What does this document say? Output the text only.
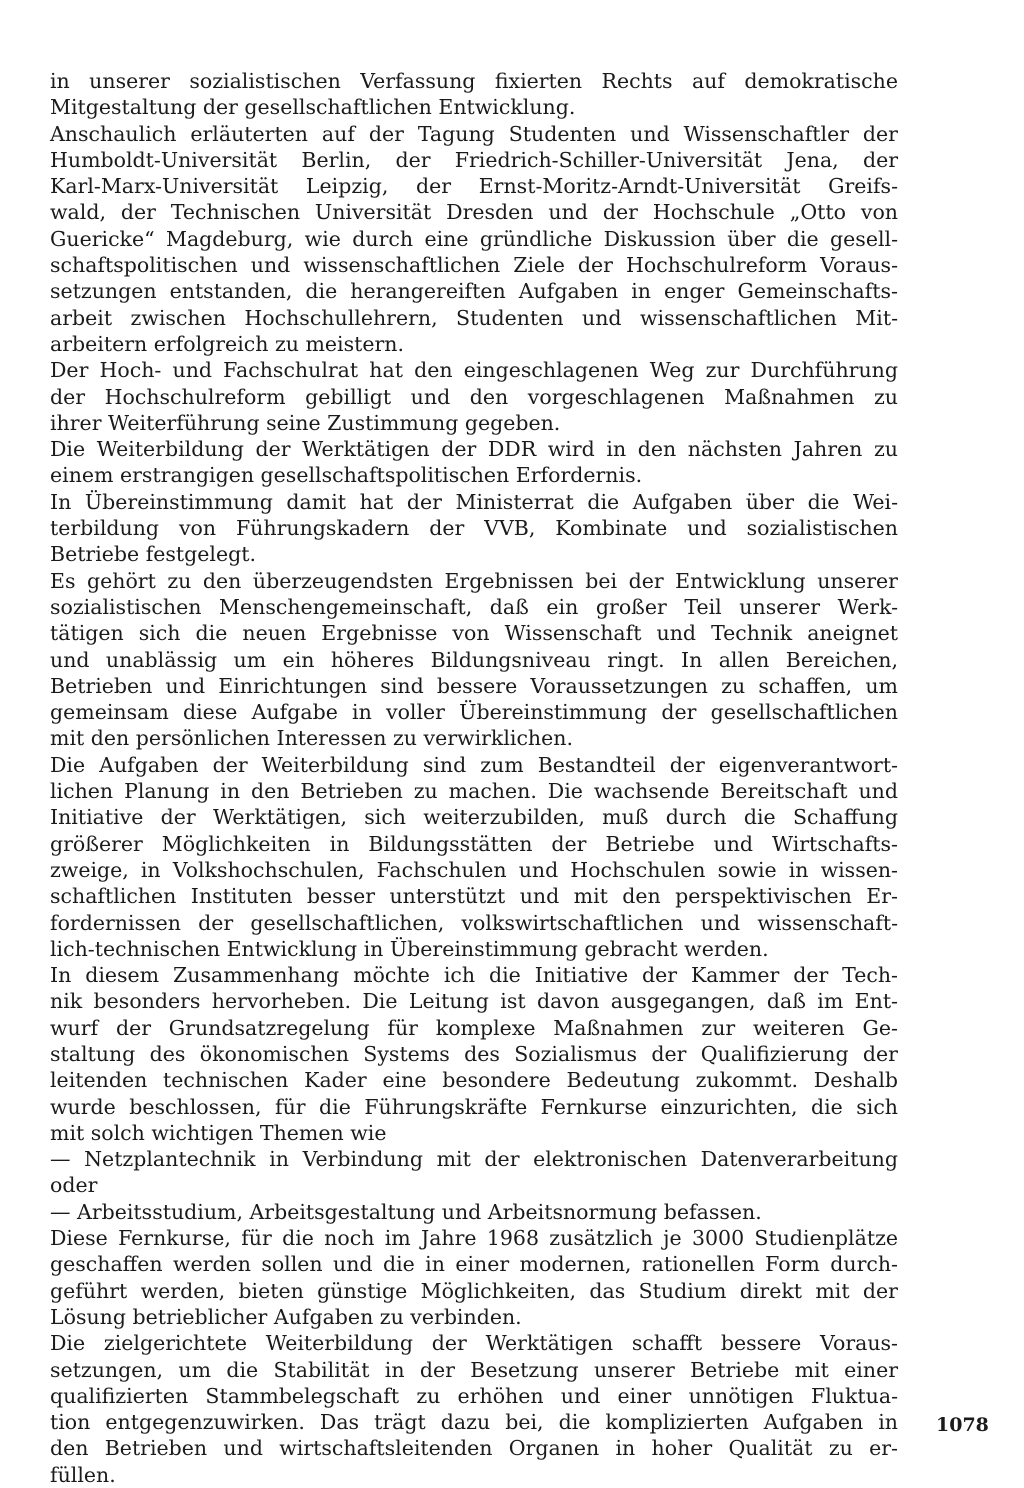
in unserer sozialistischen Verfassung fixierten Rechts auf demokratische
Mitgestaltung der gesellschaftlichen Entwicklung.
Anschaulich erläuterten auf der Tagung Studenten und Wissenschaftler der
Humboldt-Universität Berlin, der Friedrich-Schiller-Universität Jena, der
Karl-Marx-Universität Leipzig, der Ernst-Moritz-Arndt-Universität Greifs-
wald, der Technischen Universität Dresden und der Hochschule „Otto von
Guericke“ Magdeburg, wie durch eine gründliche Diskussion über die gesell-
schaftspolitischen und wissenschaftlichen Ziele der Hochschulreform Voraus-
setzungen entstanden, die herangereiften Aufgaben in enger Gemeinschafts-
arbeit zwischen Hochschullehrern, Studenten und wissenschaftlichen Mit-
arbeitern erfolgreich zu meistern.
Der Hoch- und Fachschulrat hat den eingeschlagenen Weg zur Durchführung
der Hochschulreform gebilligt und den vorgeschlagenen Maßnahmen zu
ihrer Weiterführung seine Zustimmung gegeben.
Die Weiterbildung der Werktätigen der DDR wird in den nächsten Jahren zu
einem erstrangigen gesellschaftspolitischen Erfordernis.
In Übereinstimmung damit hat der Ministerrat die Aufgaben über die Wei-
terbildung von Führungskadern der VVB, Kombinate und sozialistischen
Betriebe festgelegt.
Es gehört zu den überzeugendsten Ergebnissen bei der Entwicklung unserer
sozialistischen Menschengemeinschaft, daß ein großer Teil unserer Werk-
tätigen sich die neuen Ergebnisse von Wissenschaft und Technik aneignet
und unablässig um ein höheres Bildungsniveau ringt. In allen Bereichen,
Betrieben und Einrichtungen sind bessere Voraussetzungen zu schaffen, um
gemeinsam diese Aufgabe in voller Übereinstimmung der gesellschaftlichen
mit den persönlichen Interessen zu verwirklichen.
Die Aufgaben der Weiterbildung sind zum Bestandteil der eigenverantwort-
lichen Planung in den Betrieben zu machen. Die wachsende Bereitschaft und
Initiative der Werktätigen, sich weiterzubilden, muß durch die Schaffung
größerer Möglichkeiten in Bildungsstätten der Betriebe und Wirtschafts-
zweige, in Volkshochschulen, Fachschulen und Hochschulen sowie in wissen-
schaftlichen Instituten besser unterstützt und mit den perspektivischen Er-
fordernissen der gesellschaftlichen, volkswirtschaftlichen und wissenschaft-
lich-technischen Entwicklung in Übereinstimmung gebracht werden.
In diesem Zusammenhang möchte ich die Initiative der Kammer der Tech-
nik besonders hervorheben. Die Leitung ist davon ausgegangen, daß im Ent-
wurf der Grundsatzregelung für komplexe Maßnahmen zur weiteren Ge-
staltung des ökonomischen Systems des Sozialismus der Qualifizierung der
leitenden technischen Kader eine besondere Bedeutung zukommt. Deshalb
wurde beschlossen, für die Führungskräfte Fernkurse einzurichten, die sich
mit solch wichtigen Themen wie
— Netzplantechnik in Verbindung mit der elektronischen Datenverarbeitung
oder
— Arbeitsstudium, Arbeitsgestaltung und Arbeitsnormung befassen.
Diese Fernkurse, für die noch im Jahre 1968 zusätzlich je 3000 Studienplätze
geschaffen werden sollen und die in einer modernen, rationellen Form durch-
geführt werden, bieten günstige Möglichkeiten, das Studium direkt mit der
Lösung betrieblicher Aufgaben zu verbinden.
Die zielgerichtete Weiterbildung der Werktätigen schafft bessere Voraus-
setzungen, um die Stabilität in der Besetzung unserer Betriebe mit einer
qualifizierten Stammbelegschaft zu erhöhen und einer unnötigen Fluktua-
tion entgegenzuwirken. Das trägt dazu bei, die komplizierten Aufgaben in
den Betrieben und wirtschaftsleitenden Organen in hoher Qualität zu er-
füllen.
1078
